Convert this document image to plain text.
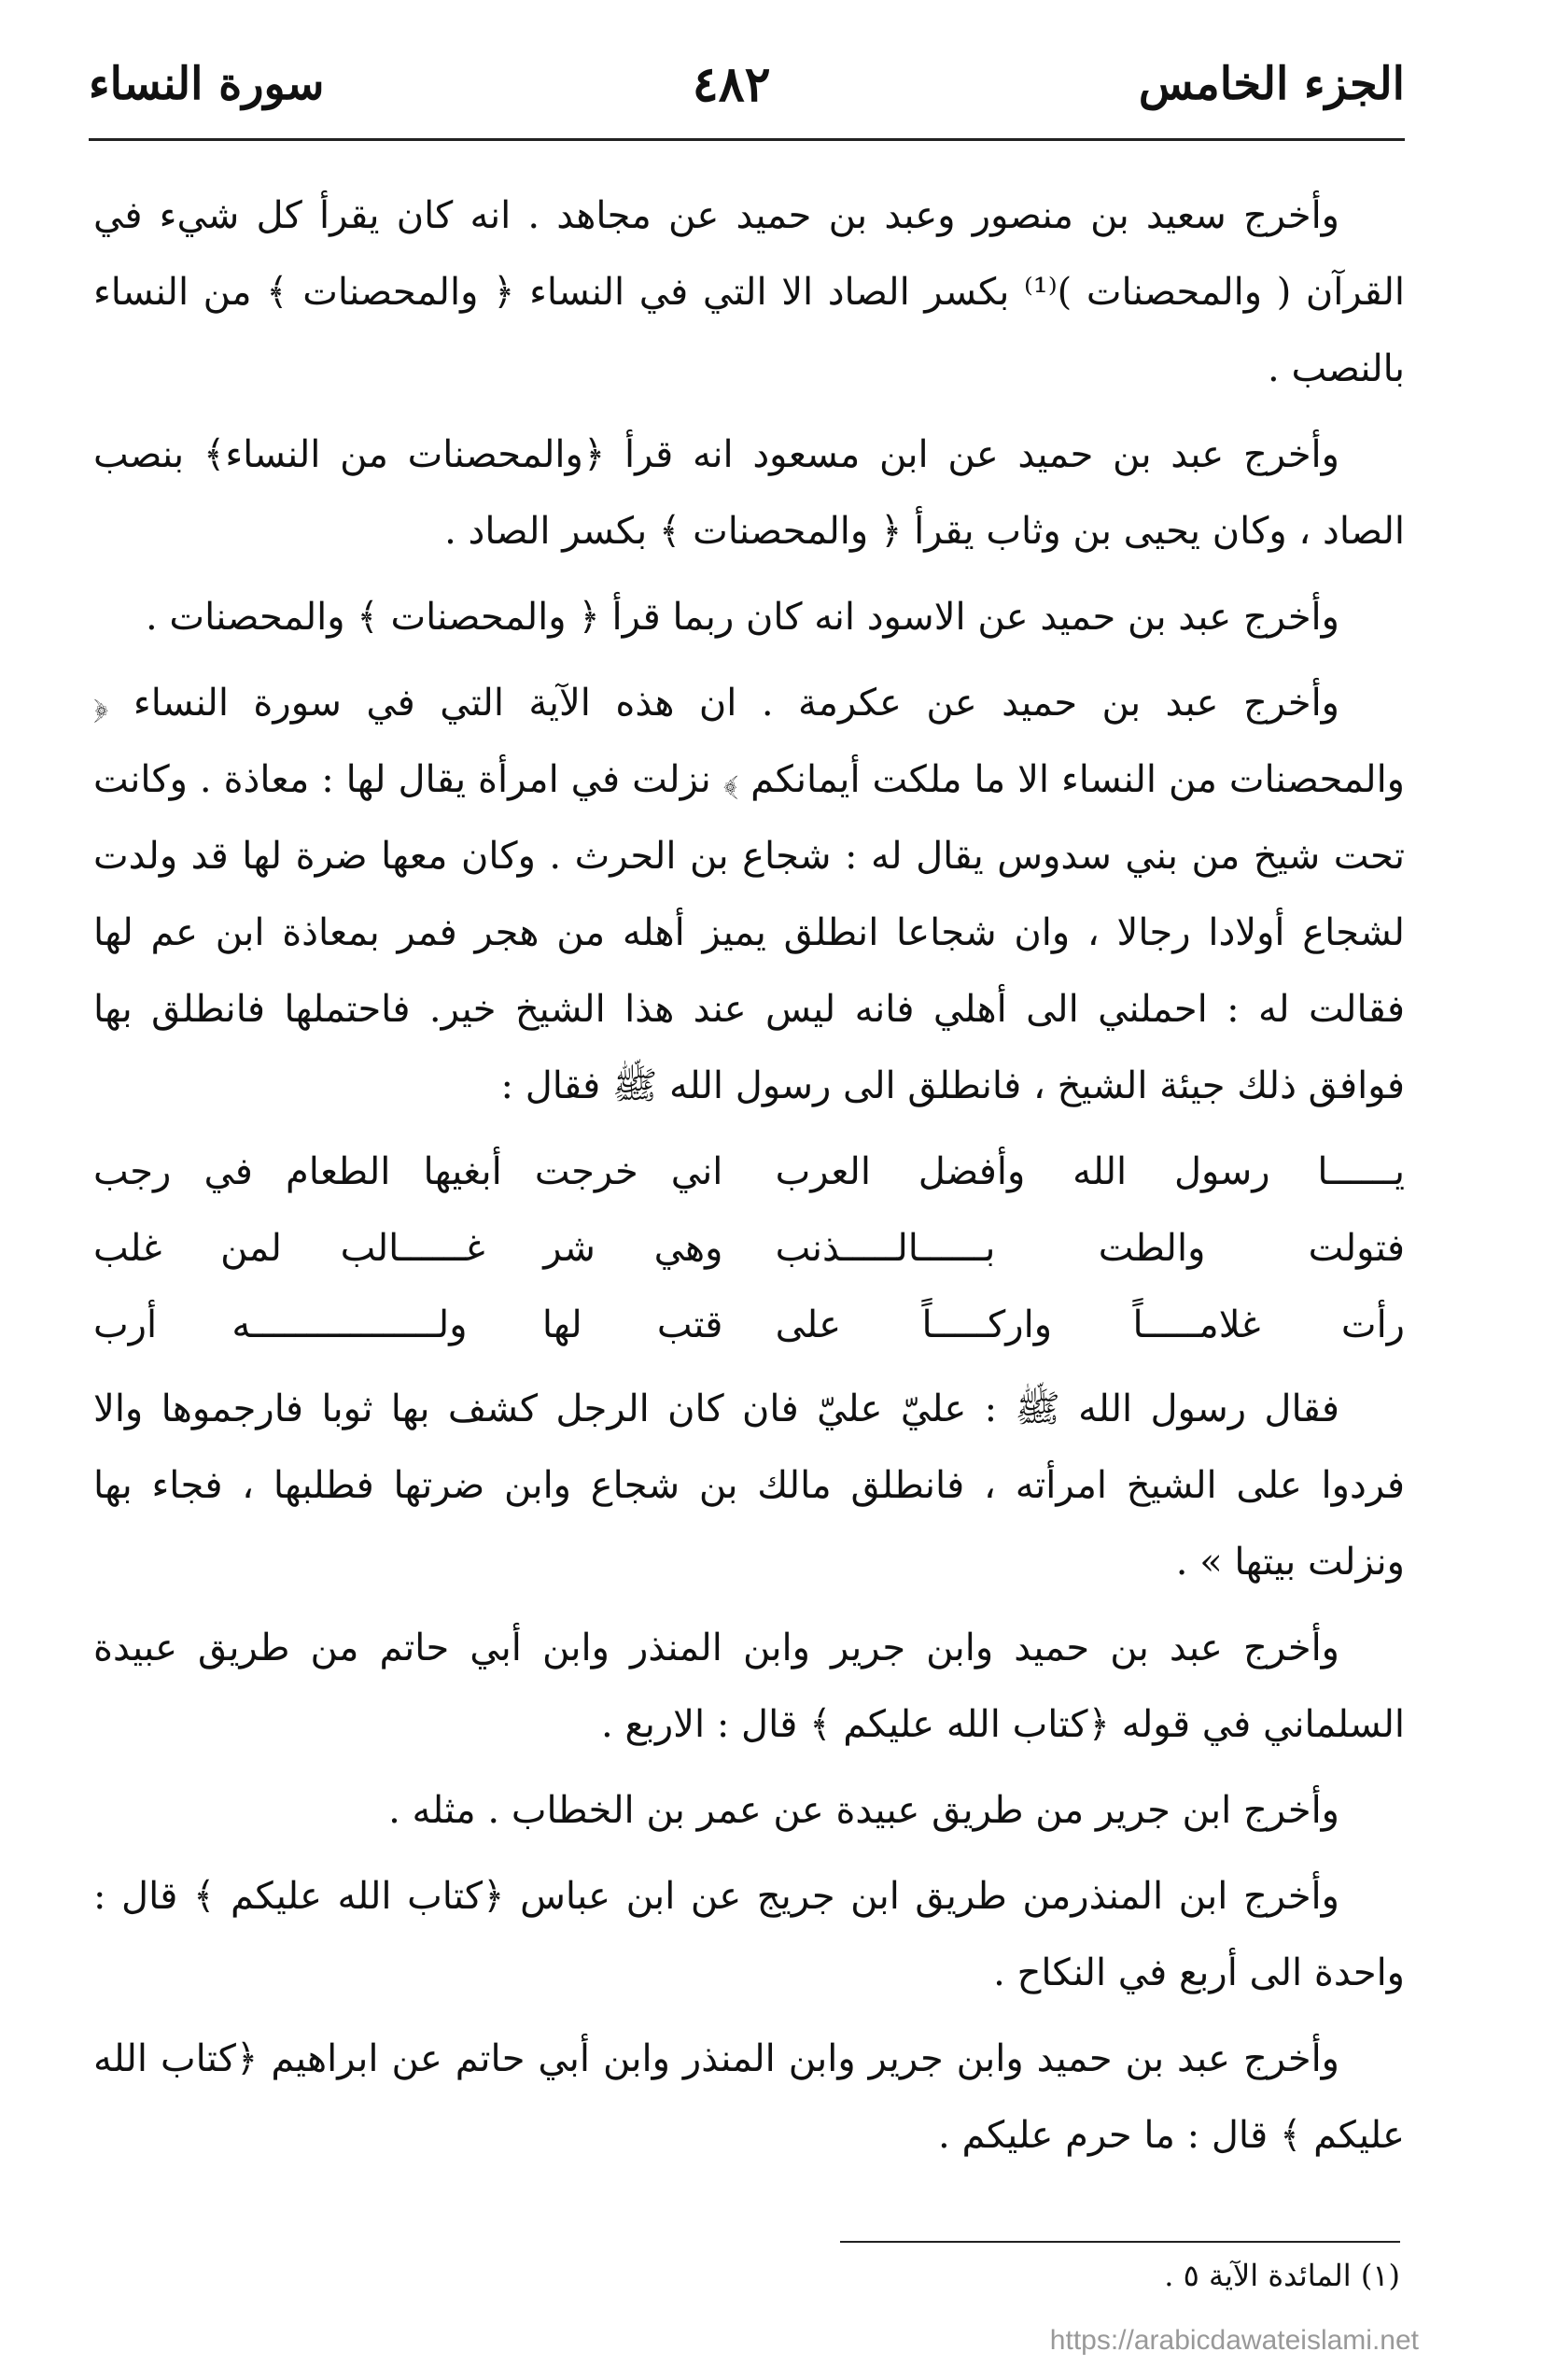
الجزء الخامس
٤٨٢
سورة النساء

وأخرج سعيد بن منصور وعبد بن حميد عن مجاهد . انه كان يقرأ كل شيء في القرآن ( والمحصنات )⁽¹⁾ بكسر الصاد الا التي في النساء ﴿ والمحصنات ﴾ من النساء بالنصب .

وأخرج عبد بن حميد عن ابن مسعود انه قرأ ﴿والمحصنات من النساء﴾ بنصب الصاد ، وكان يحيى بن وثاب يقرأ ﴿ والمحصنات ﴾ بكسر الصاد .

وأخرج عبد بن حميد عن الاسود انه كان ربما قرأ ﴿ والمحصنات ﴾ والمحصنات .

وأخرج عبد بن حميد عن عكرمة . ان هذه الآية التي في سورة النساء ﴿ والمحصنات من النساء الا ما ملكت أيمانكم ﴾ نزلت في امرأة يقال لها : معاذة . وكانت تحت شيخ من بني سدوس يقال له : شجاع بن الحرث . وكان معها ضرة لها قد ولدت لشجاع أولادا رجالا ، وان شجاعا انطلق يميز أهله من هجر فمر بمعاذة ابن عم لها فقالت له : احملني الى أهلي فانه ليس عند هذا الشيخ خير. فاحتملها فانطلق بها فوافق ذلك جيئة الشيخ ، فانطلق الى رسول الله ﷺ فقال :

يــــــا رسول الله وأفضل العرب
اني خرجت أبغيها الطعام في رجب
فتولت والطت بــــــالـــــذنب
وهي شر غــــــالب لمن غلب
رأت غلامـــــاً واركـــــاً على
قتب لها ولـــــــــــــــــه أرب

فقال رسول الله ﷺ : عليّ عليّ فان كان الرجل كشف بها ثوبا فارجموها والا فردوا على الشيخ امرأته ، فانطلق مالك بن شجاع وابن ضرتها فطلبها ، فجاء بها ونزلت بيتها » .

وأخرج عبد بن حميد وابن جرير وابن المنذر وابن أبي حاتم من طريق عبيدة السلماني في قوله ﴿كتاب الله عليكم ﴾ قال : الاربع .

وأخرج ابن جرير من طريق عبيدة عن عمر بن الخطاب . مثله .

وأخرج ابن المنذرمن طريق ابن جريج عن ابن عباس ﴿كتاب الله عليكم ﴾ قال : واحدة الى أربع في النكاح .

وأخرج عبد بن حميد وابن جرير وابن المنذر وابن أبي حاتم عن ابراهيم ﴿كتاب الله عليكم ﴾ قال : ما حرم عليكم .

(١) المائدة الآية ٥ .
https://arabicdawateislami.net
